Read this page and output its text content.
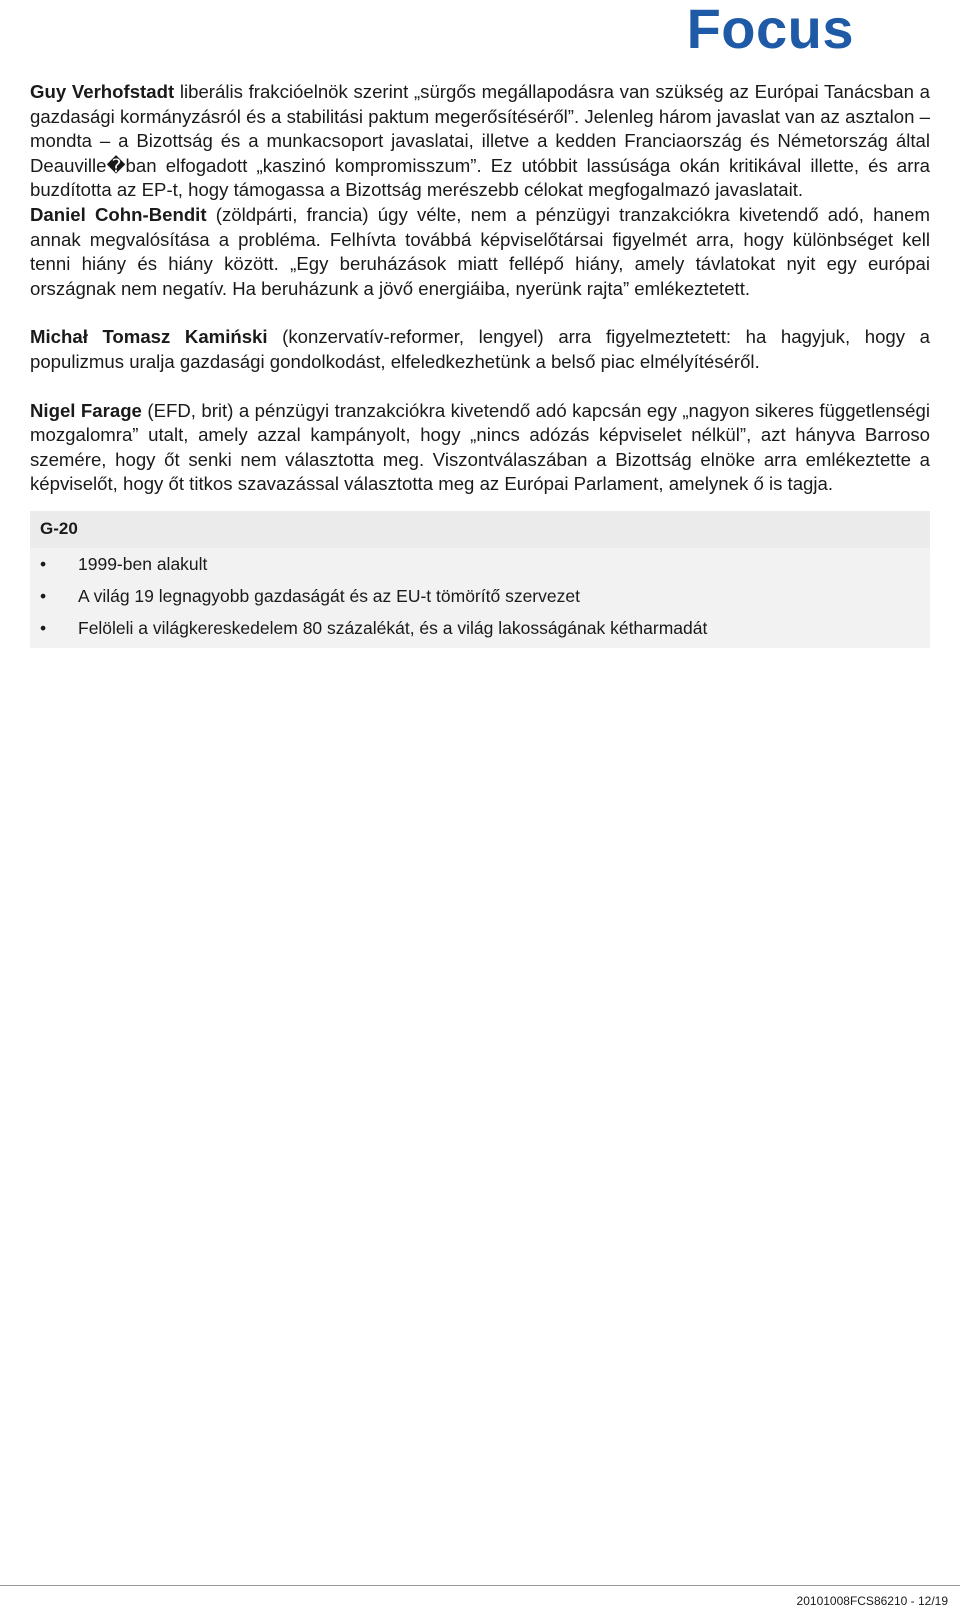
Focus

Guy Verhofstadt liberális frakcióelnök szerint „sürgős megállapodásra van szükség az Európai Tanácsban a gazdasági kormányzásról és a stabilitási paktum megerősítéséről”. Jelenleg három javaslat van az asztalon – mondta – a Bizottság és a munkacsoport javaslatai, illetve a kedden Franciaország és Németország által Deauville�ban elfogadott „kaszinó kompromisszum”. Ez utóbbit lassúsága okán kritikával illette, és arra buzdította az EP-t, hogy támogassa a Bizottság merészebb célokat megfogalmazó javaslatait.

Daniel Cohn-Bendit (zöldpárti, francia) úgy vélte, nem a pénzügyi tranzakciókra kivetendő adó, hanem annak megvalósítása a probléma. Felhívta továbbá képviselőtársai figyelmét arra, hogy különbséget kell tenni hiány és hiány között. „Egy beruházások miatt fellépő hiány, amely távlatokat nyit egy európai országnak nem negatív. Ha beruházunk a jövő energiáiba, nyerünk rajta” emlékeztetett.

Michał Tomasz Kamiński (konzervatív-reformer, lengyel) arra figyelmeztetett: ha hagyjuk, hogy a populizmus uralja gazdasági gondolkodást, elfeledkezhetünk a belső piac elmélyítéséről.

Nigel Farage (EFD, brit) a pénzügyi tranzakciókra kivetendő adó kapcsán egy „nagyon sikeres függetlenségi mozgalomra” utalt, amely azzal kampányolt, hogy „nincs adózás képviselet nélkül”, azt hányva Barroso szemére, hogy őt senki nem választotta meg. Viszontválaszában a Bizottság elnöke arra emlékeztette a képviselőt, hogy őt titkos szavazással választotta meg az Európai Parlament, amelynek ő is tagja.

G-20
• 1999-ben alakult
• A világ 19 legnagyobb gazdaságát és az EU-t tömörítő szervezet
• Felöleli a világkereskedelem 80 százalékát, és a világ lakosságának kétharmadát
20101008FCS86210 - 12/19
